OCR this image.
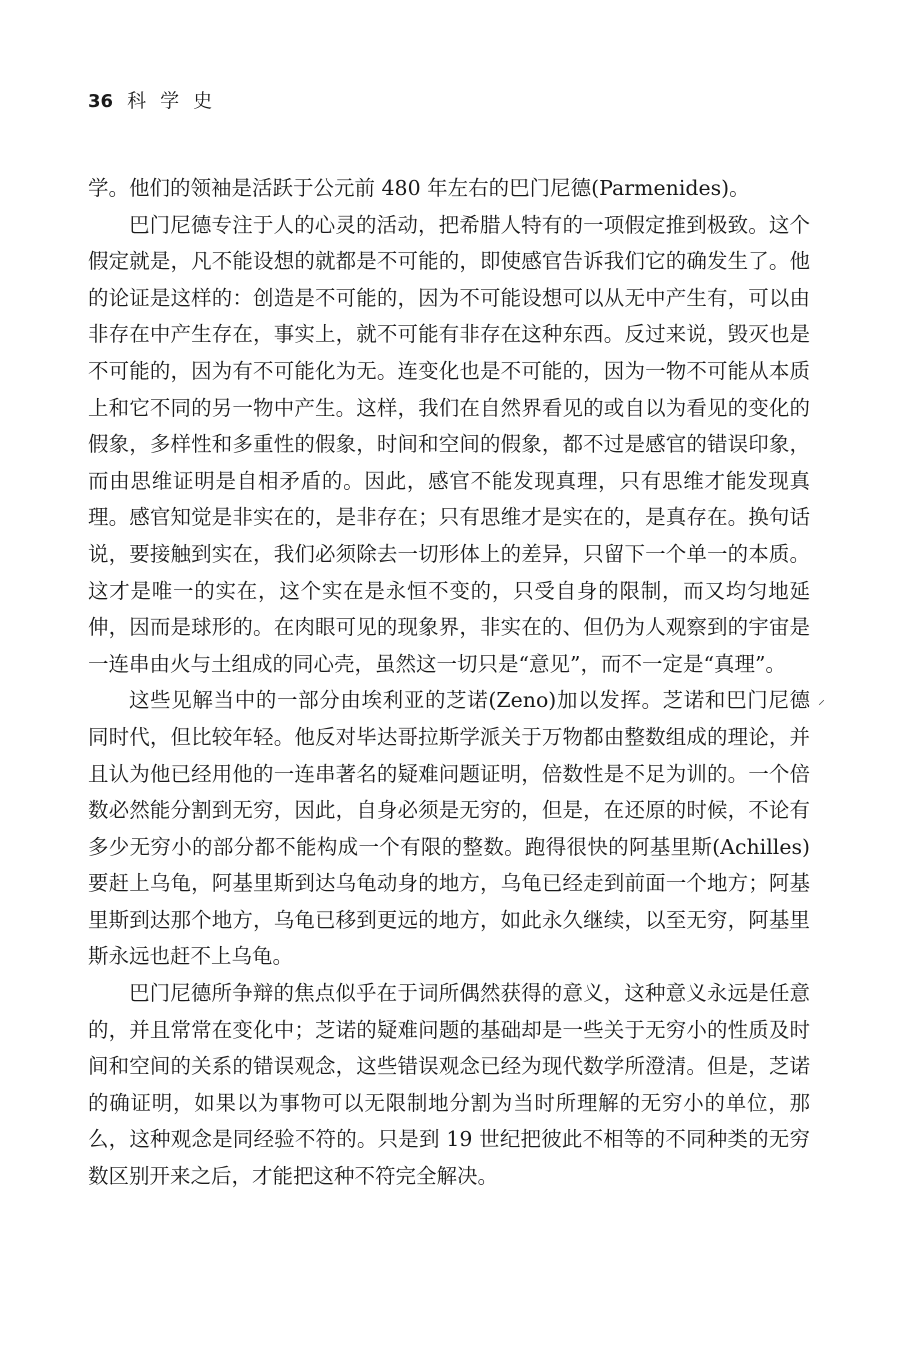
36 科学史

学。他们的领袖是活跃于公元前 480 年左右的巴门尼德(Parmenides)。

巴门尼德专注于人的心灵的活动，把希腊人特有的一项假定推到极致。这个假定就是，凡不能设想的就都是不可能的，即使感官告诉我们它的确发生了。他的论证是这样的：创造是不可能的，因为不可能设想可以从无中产生有，可以由非存在中产生存在，事实上，就不可能有非存在这种东西。反过来说，毁灭也是不可能的，因为有不可能化为无。连变化也是不可能的，因为一物不可能从本质上和它不同的另一物中产生。这样，我们在自然界看见的或自以为看见的变化的假象，多样性和多重性的假象，时间和空间的假象，都不过是感官的错误印象，而由思维证明是自相矛盾的。因此，感官不能发现真理，只有思维才能发现真理。感官知觉是非实在的，是非存在；只有思维才是实在的，是真存在。换句话说，要接触到实在，我们必须除去一切形体上的差异，只留下一个单一的本质。这才是唯一的实在，这个实在是永恒不变的，只受自身的限制，而又均匀地延伸，因而是球形的。在肉眼可见的现象界，非实在的、但仍为人观察到的宇宙是一连串由火与土组成的同心壳，虽然这一切只是“意见”，而不一定是“真理”。

这些见解当中的一部分由埃利亚的芝诺(Zeno)加以发挥。芝诺和巴门尼德同时代，但比较年轻。他反对毕达哥拉斯学派关于万物都由整数组成的理论，并且认为他已经用他的一连串著名的疑难问题证明，倍数性是不足为训的。一个倍数必然能分割到无穷，因此，自身必须是无穷的，但是，在还原的时候，不论有多少无穷小的部分都不能构成一个有限的整数。跑得很快的阿基里斯(Achilles)要赶上乌龟，阿基里斯到达乌龟动身的地方，乌龟已经走到前面一个地方；阿基里斯到达那个地方，乌龟已移到更远的地方，如此永久继续，以至无穷，阿基里斯永远也赶不上乌龟。

巴门尼德所争辩的焦点似乎在于词所偶然获得的意义，这种意义永远是任意的，并且常常在变化中；芝诺的疑难问题的基础却是一些关于无穷小的性质及时间和空间的关系的错误观念，这些错误观念已经为现代数学所澄清。但是，芝诺的确证明，如果以为事物可以无限制地分割为当时所理解的无穷小的单位，那么，这种观念是同经验不符的。只是到 19 世纪把彼此不相等的不同种类的无穷数区别开来之后，才能把这种不符完全解决。

⸝
